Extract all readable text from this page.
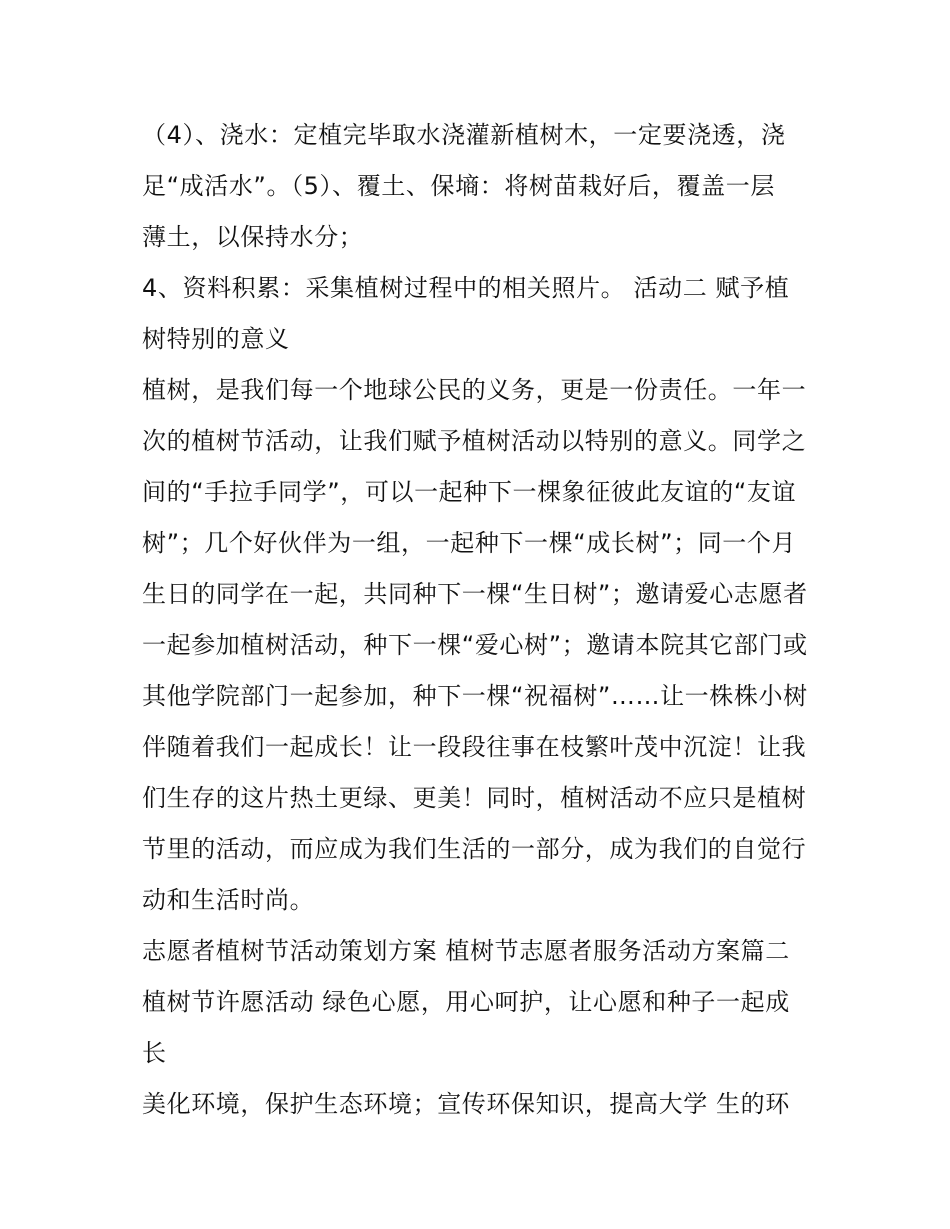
（4）、浇水：定植完毕取水浇灌新植树木，一定要浇透，浇
足“成活水”。（5）、覆土、保墒：将树苗栽好后，覆盖一层
薄土，以保持水分；
4、资料积累：采集植树过程中的相关照片。 活动二 赋予植
树特别的意义
植树，是我们每一个地球公民的义务，更是一份责任。一年一
次的植树节活动，让我们赋予植树活动以特别的意义。同学之
间的“手拉手同学”，可以一起种下一棵象征彼此友谊的“友谊
树”；几个好伙伴为一组，一起种下一棵“成长树”；同一个月
生日的同学在一起，共同种下一棵“生日树”；邀请爱心志愿者
一起参加植树活动，种下一棵“爱心树”；邀请本院其它部门或
其他学院部门一起参加，种下一棵“祝福树”……让一株株小树
伴随着我们一起成长！让一段段往事在枝繁叶茂中沉淀！让我
们生存的这片热土更绿、更美！同时，植树活动不应只是植树
节里的活动，而应成为我们生活的一部分，成为我们的自觉行
动和生活时尚。
志愿者植树节活动策划方案 植树节志愿者服务活动方案篇二
植树节许愿活动 绿色心愿，用心呵护，让心愿和种子一起成
长
美化环境，保护生态环境；宣传环保知识，提高大学 生的环
